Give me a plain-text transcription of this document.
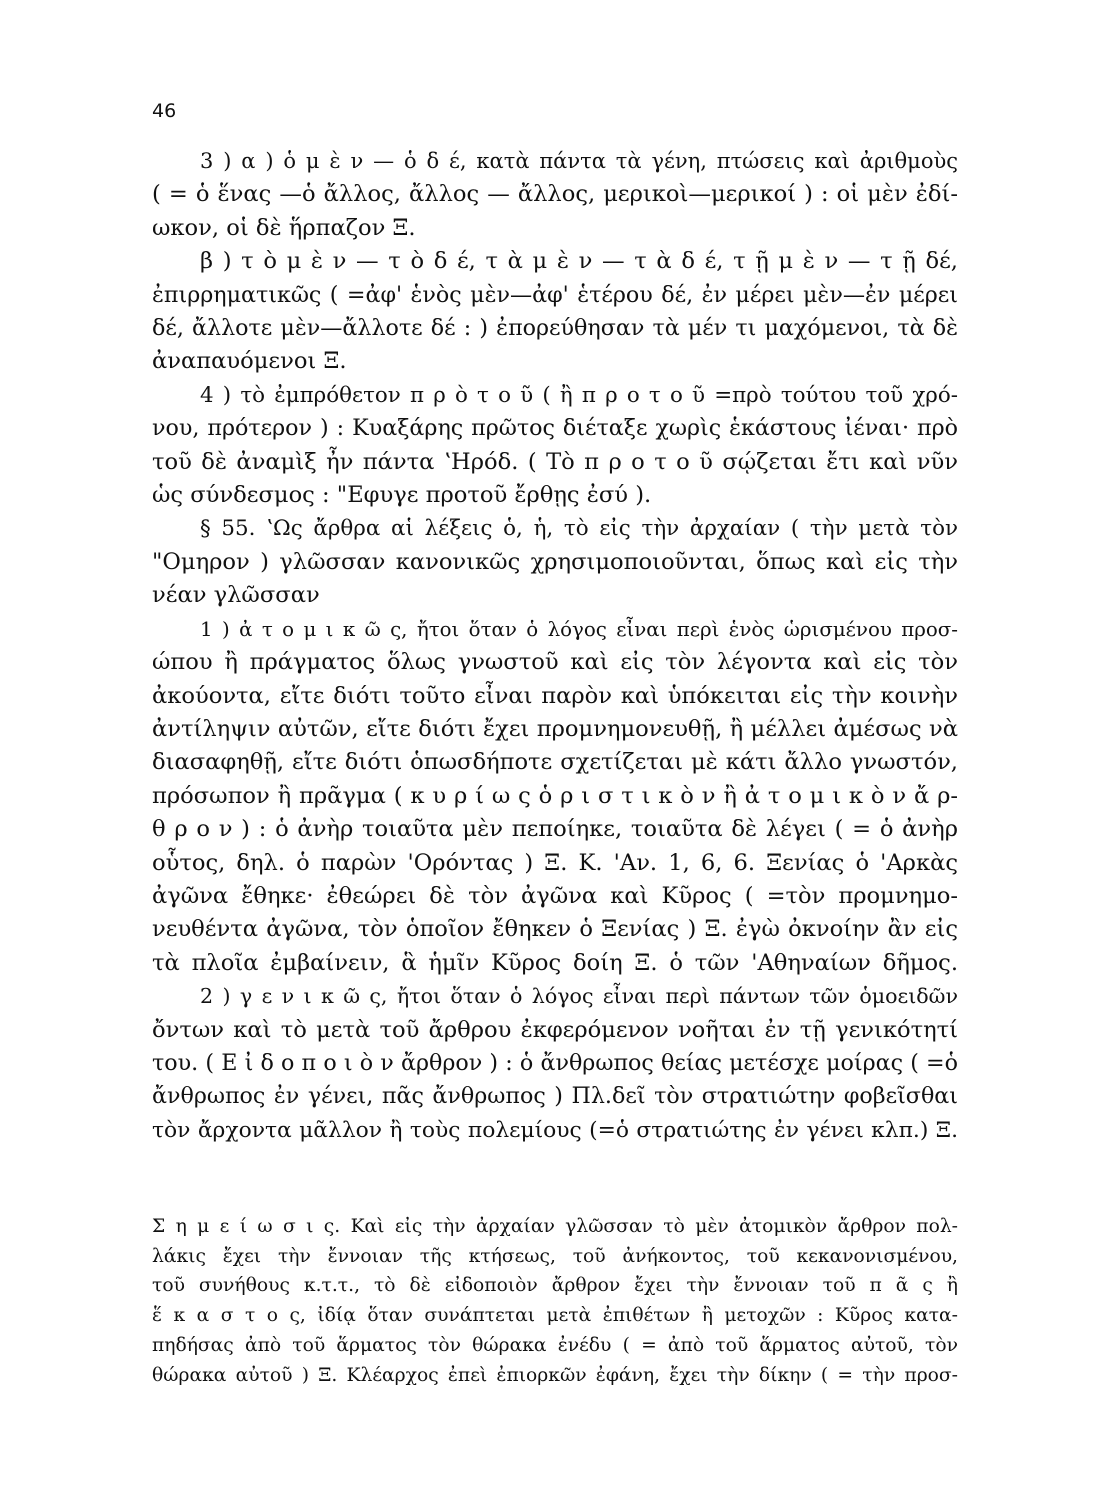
46
3 ) α ) ὁ μ ὲ ν — ὁ δ έ, κατὰ πάντα τὰ γένη, πτώσεις καὶ ἀριθμοὺς
( = ὁ ἕνας —ὁ ἄλλος, ἄλλος — ἄλλος, μερικοὶ—μερικοί ) : οἱ μὲν ἐδί-
ωκον, οἱ δὲ ἥρπαζον Ξ.
β ) τ ὸ μ ὲ ν — τ ὸ δ έ, τ ὰ μ ὲ ν — τ ὰ δ έ, τ ῇ μ ὲ ν — τ ῇ δέ,
ἐπιρρηματικῶς ( =ἀφ' ἑνὸς μὲν—ἀφ' ἑτέρου δέ, ἐν μέρει μὲν—ἐν μέρει
δέ, ἄλλοτε μὲν—ἄλλοτε δέ : ) ἐπορεύθησαν τὰ μέν τι μαχόμενοι, τὰ δὲ
ἀναπαυόμενοι Ξ.
4 ) τὸ ἐμπρόθετον π ρ ὸ τ ο ῦ ( ἢ π ρ ο τ ο ῦ =πρὸ τούτου τοῦ χρό-
νου, πρότερον ) : Κυαξάρης πρῶτος διέταξε χωρὶς ἑκάστους ἰέναι· πρὸ
τοῦ δὲ ἀναμὶξ ἦν πάντα ʽΗρόδ. ( Τὸ π ρ ο τ ο ῦ σῴζεται ἔτι καὶ νῦν
ὡς σύνδεσμος : "Εφυγε προτοῦ ἔρθῃς ἐσύ ).
§ 55. ʽΩς ἄρθρα αἱ λέξεις ὁ, ἡ, τὸ εἰς τὴν ἀρχαίαν ( τὴν μετὰ τὸν
"Ομηρον ) γλῶσσαν κανονικῶς χρησιμοποιοῦνται, ὅπως καὶ εἰς τὴν
νέαν γλῶσσαν
1 ) ἀ τ ο μ ι κ ῶ ς, ἤτοι ὅταν ὁ λόγος εἶναι περὶ ἑνὸς ὡρισμένου προσ-
ώπου ἢ πράγματος ὅλως γνωστοῦ καὶ εἰς τὸν λέγοντα καὶ εἰς τὸν
ἀκούοντα, εἴτε διότι τοῦτο εἶναι παρὸν καὶ ὑπόκειται εἰς τὴν κοινὴν
ἀντίληψιν αὐτῶν, εἴτε διότι ἔχει προμνημονευθῇ, ἢ μέλλει ἀμέσως νὰ
διασαφηθῇ, εἴτε διότι ὁπωσδήποτε σχετίζεται μὲ κάτι ἄλλο γνωστόν,
πρόσωπον ἢ πρᾶγμα ( κ υ ρ ί ω ς ὁ ρ ι σ τ ι κ ὸ ν ἢ ἀ τ ο μ ι κ ὸ ν ἄ ρ-
θ ρ ο ν ) : ὁ ἀνὴρ τοιαῦτα μὲν πεποίηκε, τοιαῦτα δὲ λέγει ( = ὁ ἀνὴρ
οὗτος, δηλ. ὁ παρὼν 'Ορόντας ) Ξ. Κ. 'Αν. 1, 6, 6. Ξενίας ὁ 'Αρκὰς
ἀγῶνα ἔθηκε· ἐθεώρει δὲ τὸν ἀγῶνα καὶ Κῦρος ( =τὸν προμνημο-
νευθέντα ἀγῶνα, τὸν ὁποῖον ἔθηκεν ὁ Ξενίας ) Ξ. ἐγὼ ὀκνοίην ἂν εἰς
τὰ πλοῖα ἐμβαίνειν, ἃ ἡμῖν Κῦρος δοίη Ξ. ὁ τῶν 'Αθηναίων δῆμος.
2 ) γ ε ν ι κ ῶ ς, ἤτοι ὅταν ὁ λόγος εἶναι περὶ πάντων τῶν ὁμοειδῶν
ὄντων καὶ τὸ μετὰ τοῦ ἄρθρου ἐκφερόμενον νοῆται ἐν τῇ γενικότητί
του. ( Ε ἰ δ ο π ο ι ὸ ν ἄρθρον ) : ὁ ἄνθρωπος θείας μετέσχε μοίρας ( =ὁ
ἄνθρωπος ἐν γένει, πᾶς ἄνθρωπος ) Πλ.δεῖ τὸν στρατιώτην φοβεῖσθαι
τὸν ἄρχοντα μᾶλλον ἢ τοὺς πολεμίους (=ὁ στρατιώτης ἐν γένει κλπ.) Ξ.
Σ η μ ε ί ω σ ι ς. Καὶ εἰς τὴν ἀρχαίαν γλῶσσαν τὸ μὲν ἀτομικὸν ἄρθρον πολ-
λάκις ἔχει τὴν ἔννοιαν τῆς κτήσεως, τοῦ ἀνήκοντος, τοῦ κεκανονισμένου,
τοῦ συνήθους κ.τ.τ., τὸ δὲ εἰδοποιὸν ἄρθρον ἔχει τὴν ἔννοιαν τοῦ π ᾶ ς ἢ
ἕ κ α σ τ ο ς, ἰδίᾳ ὅταν συνάπτεται μετὰ ἐπιθέτων ἢ μετοχῶν : Κῦρος κατα-
πηδήσας ἀπὸ τοῦ ἅρματος τὸν θώρακα ἐνέδυ ( = ἀπὸ τοῦ ἅρματος αὐτοῦ, τὸν
θώρακα αὐτοῦ ) Ξ. Κλέαρχος ἐπεὶ ἐπιορκῶν ἐφάνη, ἔχει τὴν δίκην ( = τὴν προσ-
